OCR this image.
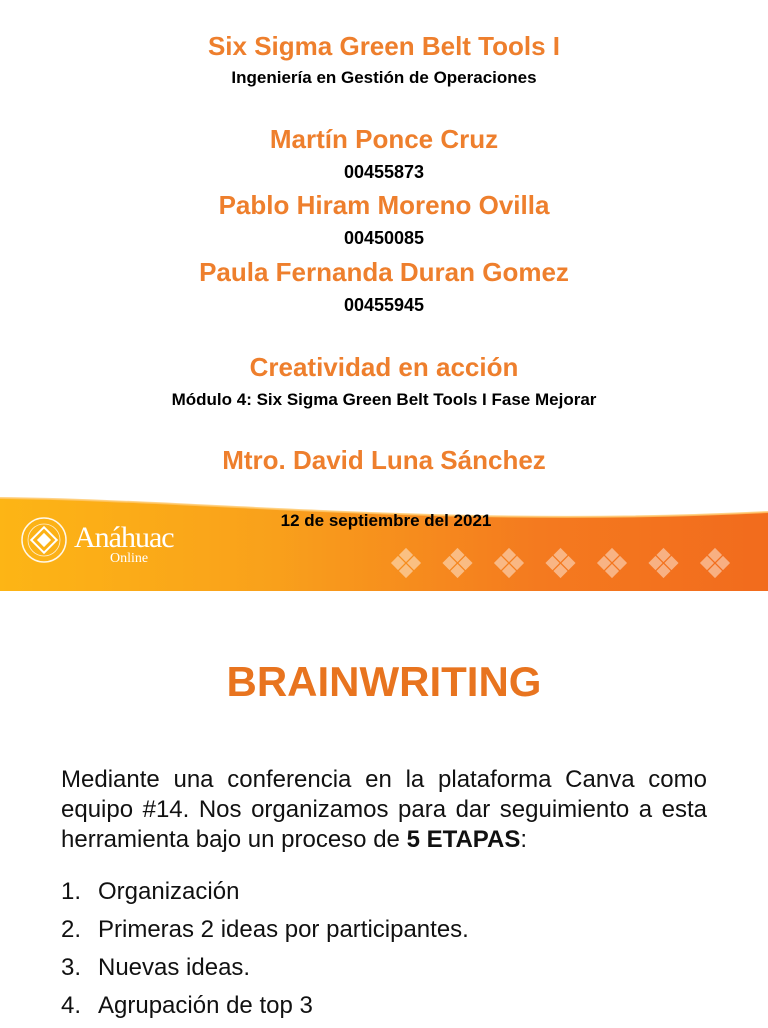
Six Sigma Green Belt Tools I
Ingeniería en Gestión de Operaciones
Martín Ponce Cruz
00455873
Pablo Hiram Moreno Ovilla
00450085
Paula Fernanda Duran Gomez
00455945
Creatividad en acción
Módulo 4: Six Sigma Green Belt Tools I Fase Mejorar
Mtro. David Luna Sánchez
12 de septiembre del 2021
Anáhuac
Online
BRAINWRITING

Mediante una conferencia en la plataforma Canva como equipo #14. Nos organizamos para dar seguimiento a esta herramienta bajo un proceso de 5 ETAPAS:

1. Organización
2. Primeras 2 ideas por participantes.
3. Nuevas ideas.
4. Agrupación de top 3
